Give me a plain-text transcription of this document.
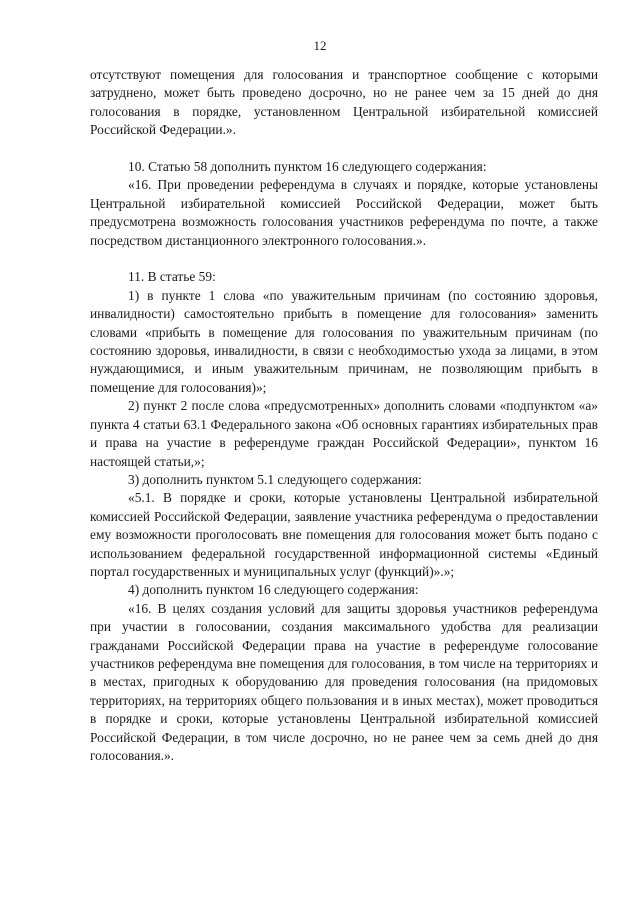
12

отсутствуют помещения для голосования и транспортное сообщение с которыми затруднено, может быть проведено досрочно, но не ранее чем за 15 дней до дня голосования в порядке, установленном Центральной избирательной комиссией Российской Федерации.».

10. Статью 58 дополнить пунктом 16 следующего содержания:

«16. При проведении референдума в случаях и порядке, которые установлены Центральной избирательной комиссией Российской Федерации, может быть предусмотрена возможность голосования участников референдума по почте, а также посредством дистанционного электронного голосования.».

11. В статье 59:

1) в пункте 1 слова «по уважительным причинам (по состоянию здоровья, инвалидности) самостоятельно прибыть в помещение для голосования» заменить словами «прибыть в помещение для голосования по уважительным причинам (по состоянию здоровья, инвалидности, в связи с необходимостью ухода за лицами, в этом нуждающимися, и иным уважительным причинам, не позволяющим прибыть в помещение для голосования)»;

2) пункт 2 после слова «предусмотренных» дополнить словами «подпунктом «а» пункта 4 статьи 63.1 Федерального закона «Об основных гарантиях избирательных прав и права на участие в референдуме граждан Российской Федерации», пунктом 16 настоящей статьи,»;

3) дополнить пунктом 5.1 следующего содержания:

«5.1. В порядке и сроки, которые установлены Центральной избирательной комиссией Российской Федерации, заявление участника референдума о предоставлении ему возможности проголосовать вне помещения для голосования может быть подано с использованием федеральной государственной информационной системы «Единый портал государственных и муниципальных услуг (функций)».»;

4) дополнить пунктом 16 следующего содержания:

«16. В целях создания условий для защиты здоровья участников референдума при участии в голосовании, создания максимального удобства для реализации гражданами Российской Федерации права на участие в референдуме голосование участников референдума вне помещения для голосования, в том числе на территориях и в местах, пригодных к оборудованию для проведения голосования (на придомовых территориях, на территориях общего пользования и в иных местах), может проводиться в порядке и сроки, которые установлены Центральной избирательной комиссией Российской Федерации, в том числе досрочно, но не ранее чем за семь дней до дня голосования.».
